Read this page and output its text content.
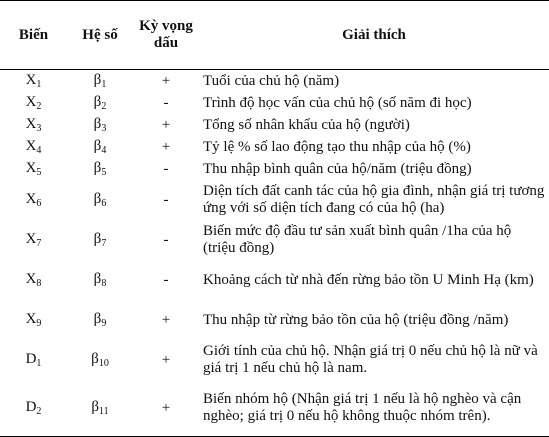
Biến	Hệ số	Kỳ vọng dấu	Giải thích
$X_1$	$\beta_1$	+	Tuổi của chủ hộ (năm)
$X_2$	$\beta_2$	-	Trình độ học vấn của chủ hộ (số năm đi học)
$X_3$	$\beta_3$	+	Tổng số nhân khẩu của hộ (người)
$X_4$	$\beta_4$	+	Tỷ lệ % số lao động tạo thu nhập của hộ (%)
$X_5$	$\beta_5$	-	Thu nhập bình quân của hộ/năm (triệu đồng)
$X_6$	$\beta_6$	-	Diện tích đất canh tác của hộ gia đình, nhận giá trị tương ứng với số diện tích đang có của hộ (ha)
$X_7$	$\beta_7$	-	Biến mức độ đầu tư sản xuất bình quân /1ha của hộ (triệu đồng)
$X_8$	$\beta_8$	-	Khoảng cách từ nhà đến rừng bảo tồn U Minh Hạ (km)
$X_9$	$\beta_9$	+	Thu nhập từ rừng bảo tồn của hộ (triệu đồng /năm)
$D_1$	$\beta_{10}$	+	Giới tính của chủ hộ. Nhận giá trị 0 nếu chủ hộ là nữ và giá trị 1 nếu chủ hộ là nam.
$D_2$	$\beta_{11}$	+	Biến nhóm hộ (Nhận giá trị 1 nếu là hộ nghèo và cận nghèo; giá trị 0 nếu hộ không thuộc nhóm trên).
